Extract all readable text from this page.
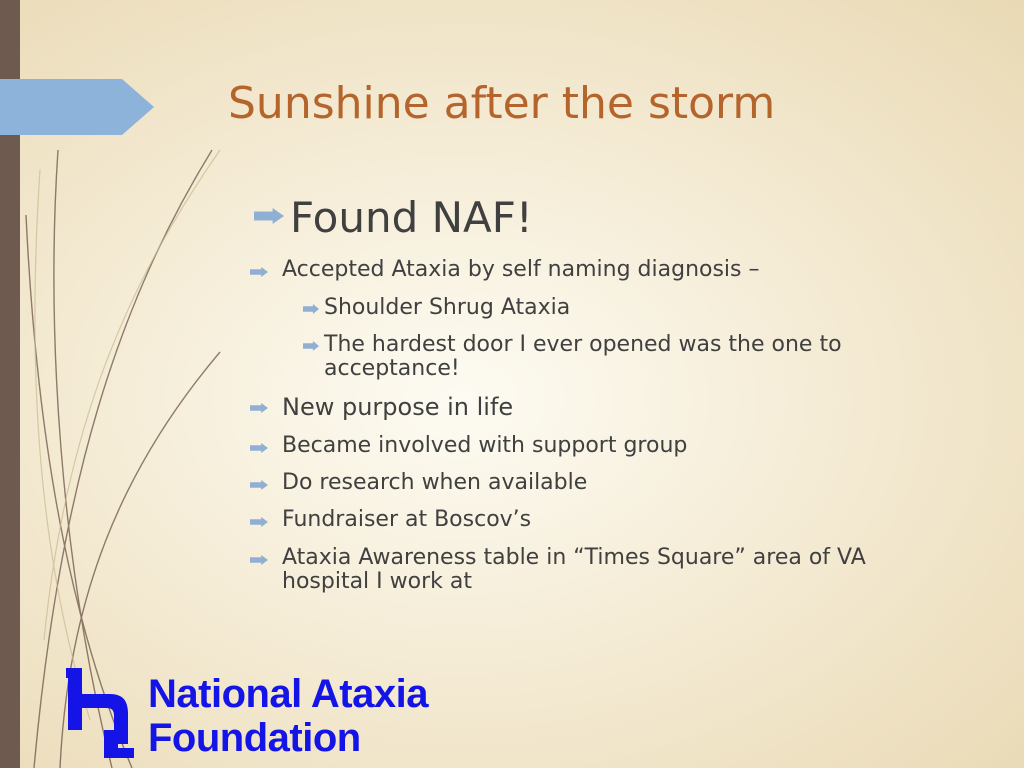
Sunshine after the storm
Found NAF!
Accepted Ataxia by self naming diagnosis –
Shoulder Shrug Ataxia
The hardest door I ever opened was the one to
acceptance!
New purpose in life
Became involved with support group
Do research when available
Fundraiser at Boscov’s
Ataxia Awareness table in “Times Square” area of VA
hospital I work at
National Ataxia
Foundation
